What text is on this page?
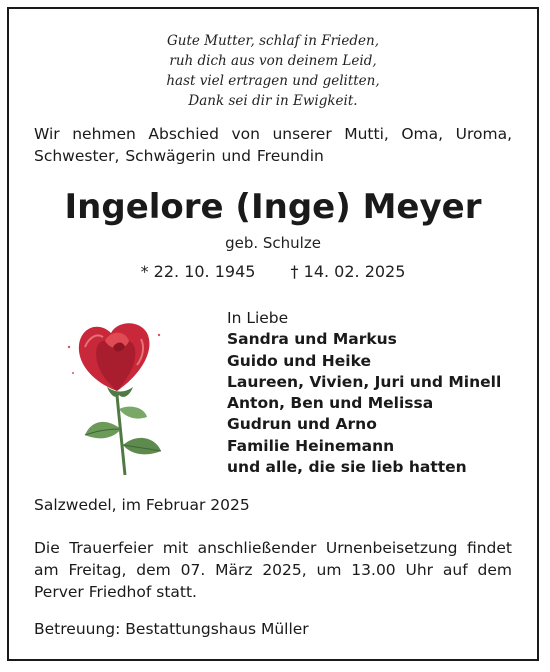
Gute Mutter, schlaf in Frieden,
ruh dich aus von deinem Leid,
hast viel ertragen und gelitten,
Dank sei dir in Ewigkeit.
Wir nehmen Abschied von unserer Mutti, Oma, Uroma, Schwester, Schwägerin und Freundin
Ingelore (Inge) Meyer
geb. Schulze
* 22. 10. 1945 † 14. 02. 2025
In Liebe
Sandra und Markus
Guido und Heike
Laureen, Vivien, Juri und Minell
Anton, Ben und Melissa
Gudrun und Arno
Familie Heinemann
und alle, die sie lieb hatten
Salzwedel, im Februar 2025
Die Trauerfeier mit anschließender Urnenbeisetzung findet am Freitag, dem 07. März 2025, um 13.00 Uhr auf dem Perver Friedhof statt.
Betreuung: Bestattungshaus Müller
